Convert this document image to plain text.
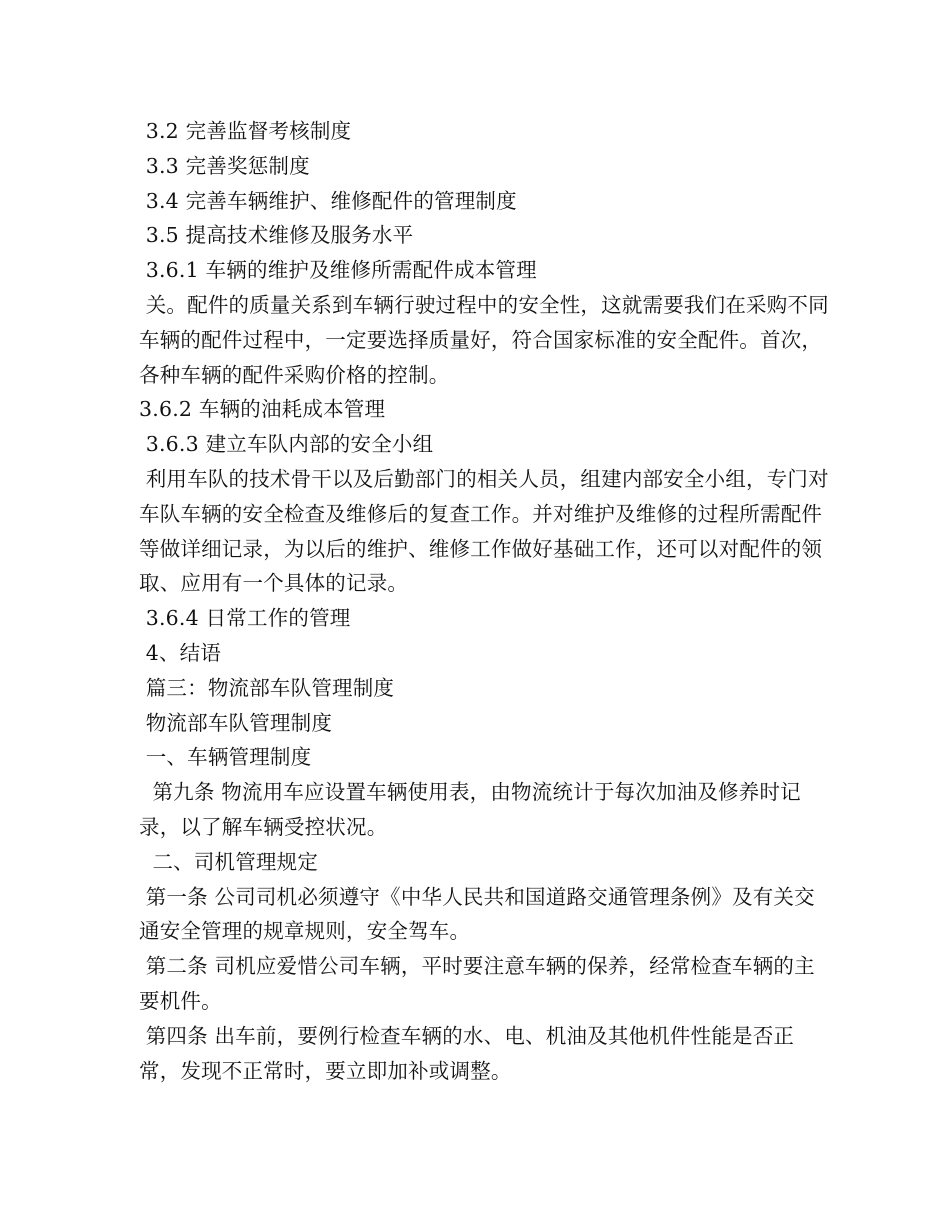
3.2 完善监督考核制度

3.3 完善奖惩制度

3.4 完善车辆维护、维修配件的管理制度

3.5 提高技术维修及服务水平

3.6.1 车辆的维护及维修所需配件成本管理

关。配件的质量关系到车辆行驶过程中的安全性，这就需要我们在采购不同车辆的配件过程中，一定要选择质量好，符合国家标准的安全配件。首次，各种车辆的配件采购价格的控制。

3.6.2 车辆的油耗成本管理

3.6.3 建立车队内部的安全小组

利用车队的技术骨干以及后勤部门的相关人员，组建内部安全小组，专门对车队车辆的安全检查及维修后的复查工作。并对维护及维修的过程所需配件等做详细记录，为以后的维护、维修工作做好基础工作，还可以对配件的领取、应用有一个具体的记录。

3.6.4 日常工作的管理

4、结语

篇三：物流部车队管理制度

物流部车队管理制度

一、车辆管理制度

第九条 物流用车应设置车辆使用表，由物流统计于每次加油及修养时记录，以了解车辆受控状况。

二、司机管理规定

第一条 公司司机必须遵守《中华人民共和国道路交通管理条例》及有关交通安全管理的规章规则，安全驾车。

第二条 司机应爱惜公司车辆，平时要注意车辆的保养，经常检查车辆的主要机件。

第四条 出车前，要例行检查车辆的水、电、机油及其他机件性能是否正常，发现不正常时，要立即加补或调整。
